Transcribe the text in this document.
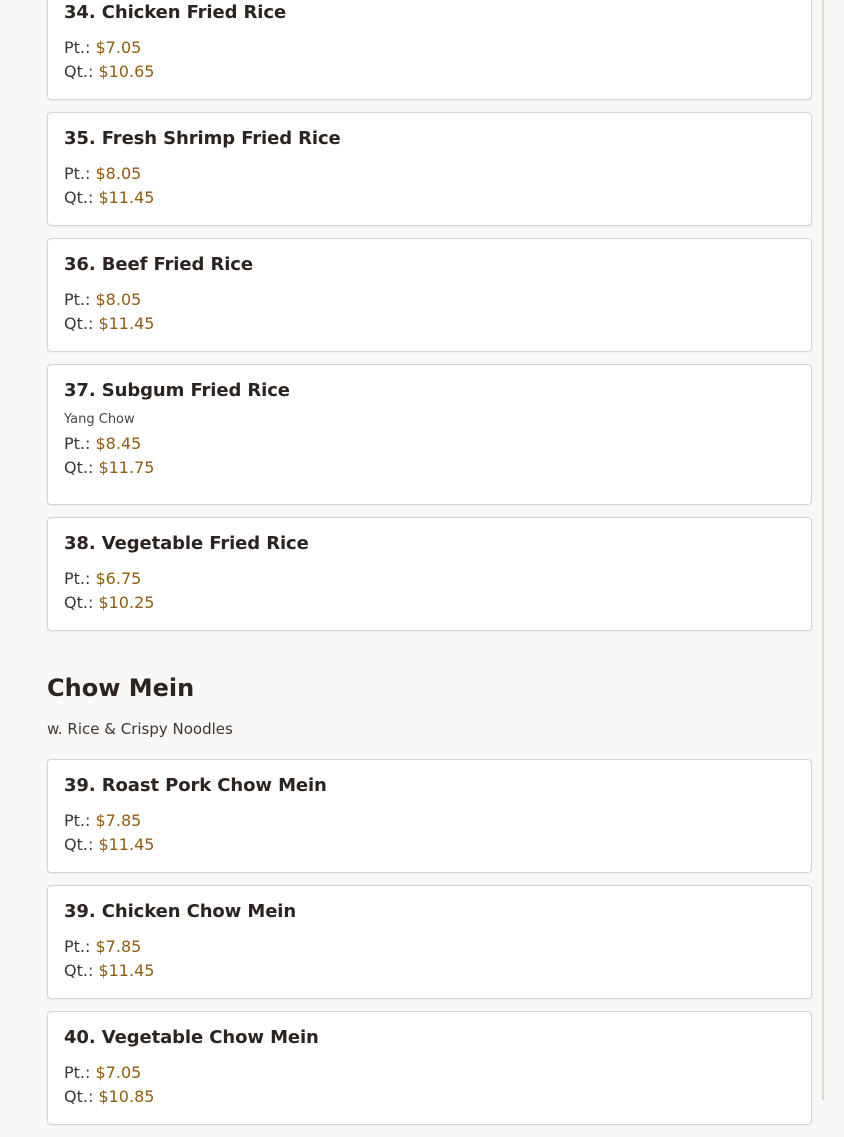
34. Chicken Fried Rice
Pt.: $7.05
Qt.: $10.65
35. Fresh Shrimp Fried Rice
Pt.: $8.05
Qt.: $11.45
36. Beef Fried Rice
Pt.: $8.05
Qt.: $11.45
37. Subgum Fried Rice

Yang Chow

Pt.: $8.45
Qt.: $11.75
38. Vegetable Fried Rice
Pt.: $6.75
Qt.: $10.25
Chow Mein

w. Rice & Crispy Noodles

39. Roast Pork Chow Mein
Pt.: $7.85
Qt.: $11.45
39. Chicken Chow Mein
Pt.: $7.85
Qt.: $11.45
40. Vegetable Chow Mein
Pt.: $7.05
Qt.: $10.85
